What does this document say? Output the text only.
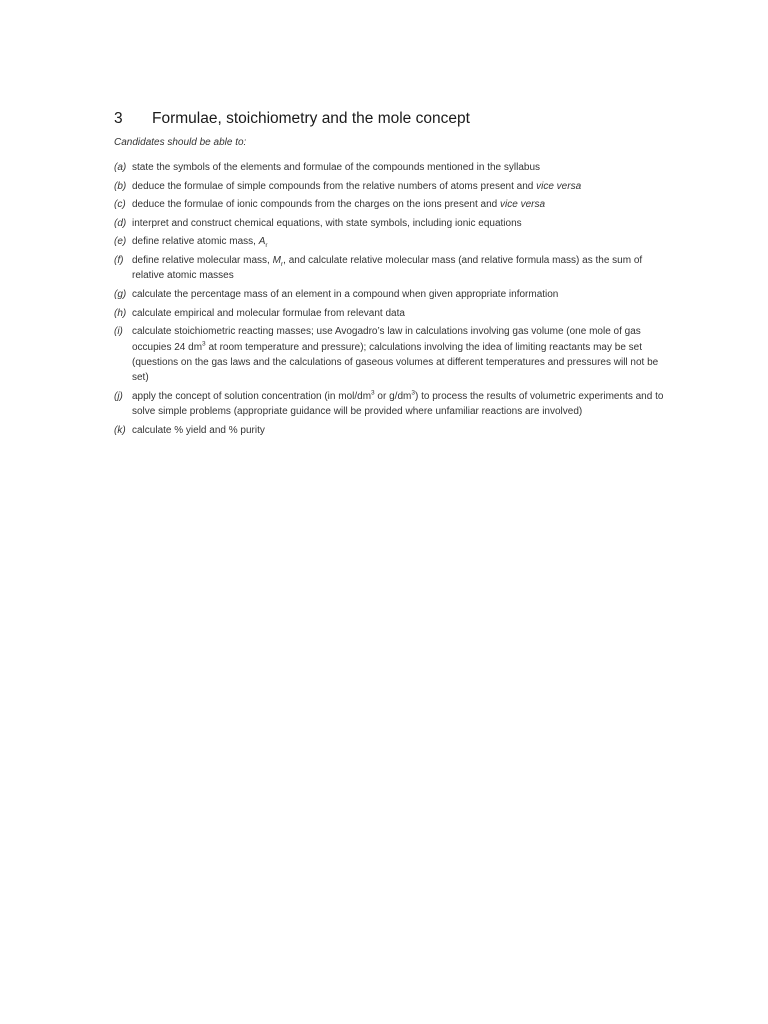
3 Formulae, stoichiometry and the mole concept
Candidates should be able to:
(a) state the symbols of the elements and formulae of the compounds mentioned in the syllabus
(b) deduce the formulae of simple compounds from the relative numbers of atoms present and vice versa
(c) deduce the formulae of ionic compounds from the charges on the ions present and vice versa
(d) interpret and construct chemical equations, with state symbols, including ionic equations
(e) define relative atomic mass, $A_r$
(f) define relative molecular mass, $M_r$, and calculate relative molecular mass (and relative formula mass) as the sum of relative atomic masses
(g) calculate the percentage mass of an element in a compound when given appropriate information
(h) calculate empirical and molecular formulae from relevant data
(i) calculate stoichiometric reacting masses; use Avogadro’s law in calculations involving gas volume (one mole of gas occupies 24 $dm^3$ at room temperature and pressure); calculations involving the idea of limiting reactants may be set (questions on the gas laws and the calculations of gaseous volumes at different temperatures and pressures will not be set)
(j) apply the concept of solution concentration (in mol/$dm^3$ or $g/dm^3$) to process the results of volumetric experiments and to solve simple problems (appropriate guidance will be provided where unfamiliar reactions are involved)
(k) calculate % yield and % purity
